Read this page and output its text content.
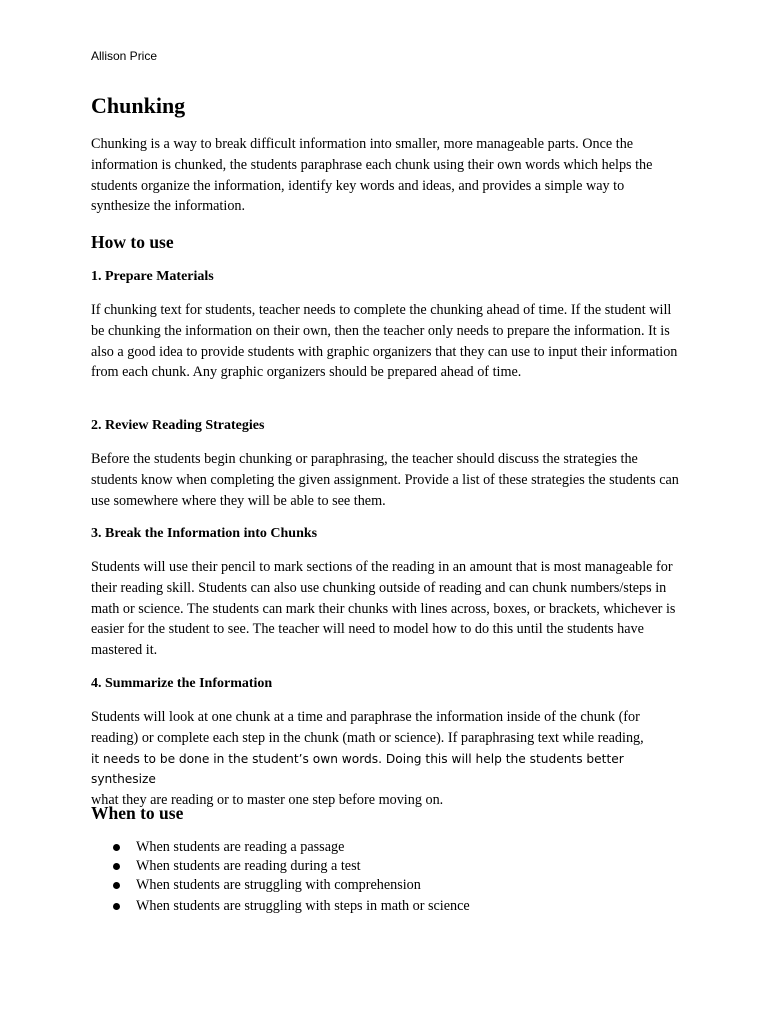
Allison Price
Chunking

Chunking is a way to break difficult information into smaller, more manageable parts. Once the information is chunked, the students paraphrase each chunk using their own words which helps the students organize the information, identify key words and ideas, and provides a simple way to synthesize the information.

How to use
1. Prepare Materials

If chunking text for students, teacher needs to complete the chunking ahead of time. If the student will be chunking the information on their own, then the teacher only needs to prepare the information. It is also a good idea to provide students with graphic organizers that they can use to input their information from each chunk. Any graphic organizers should be prepared ahead of time.

2. Review Reading Strategies

Before the students begin chunking or paraphrasing, the teacher should discuss the strategies the students know when completing the given assignment. Provide a list of these strategies the students can use somewhere where they will be able to see them.

3. Break the Information into Chunks

Students will use their pencil to mark sections of the reading in an amount that is most manageable for their reading skill. Students can also use chunking outside of reading and can chunk numbers/steps in math or science. The students can mark their chunks with lines across, boxes, or brackets, whichever is easier for the student to see. The teacher will need to model how to do this until the students have mastered it.

4. Summarize the Information

Students will look at one chunk at a time and paraphrase the information inside of the chunk (for reading) or complete each step in the chunk (math or science). If paraphrasing text while reading,
it needs to be done in the student’s own words. Doing this will help the students better synthesize
what they are reading or to master one step before moving on.

When to use
When students are reading a passage
When students are reading during a test
When students are struggling with comprehension
When students are struggling with steps in math or science
